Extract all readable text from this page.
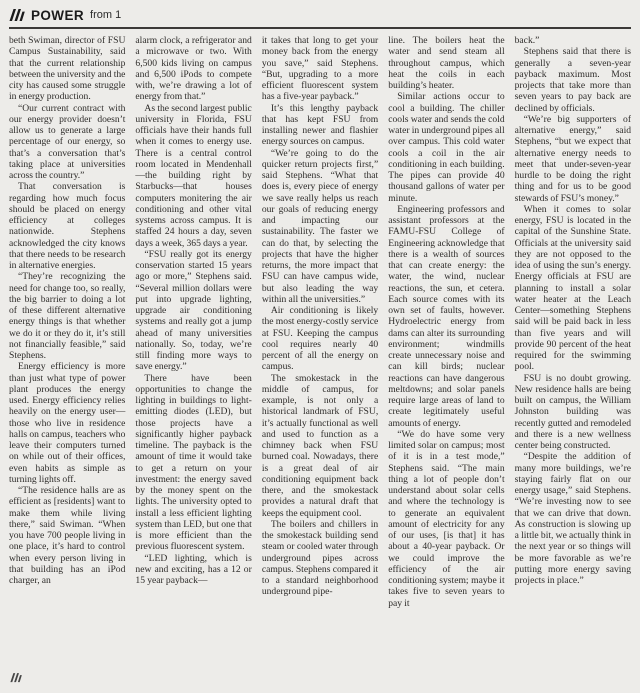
POWER from 1

beth Swiman, director of FSU Campus Sustainability, said that the current relationship between the university and the city has caused some struggle in energy production.

“Our current contract with our energy provider doesn’t allow us to generate a large percentage of our energy, so that’s a conversation that’s taking place at universities across the country.”

That conversation is regarding how much focus should be placed on energy efficiency at colleges nationwide. Stephens acknowledged the city knows that there needs to be research in alternative energies.

“They’re recognizing the need for change too, so really, the big barrier to doing a lot of these different alternative energy things is that whether we do it or they do it, it’s still not financially feasible,” said Stephens.

Energy efficiency is more than just what type of power plant produces the energy used. Energy efficiency relies heavily on the energy user—those who live in residence halls on campus, teachers who leave their computers turned on while out of their offices, even habits as simple as turning lights off.

“The residence halls are as efficient as [residents] want to make them while living there,” said Swiman. “When you have 700 people living in one place, it’s hard to control when every person living in that building has an iPod charger, an

alarm clock, a refrigerator and a microwave or two. With 6,500 kids living on campus and 6,500 iPods to compete with, we’re drawing a lot of energy from that.”

As the second largest public university in Florida, FSU officials have their hands full when it comes to energy use. There is a central control room located in Mendenhall—the building right by Starbucks—that houses computers monitering the air conditioning and other vital systems across campus. It is staffed 24 hours a day, seven days a week, 365 days a year.

“FSU really got its energy conservation started 15 years ago or more,” Stephens said. “Several million dollars were put into upgrade lighting, upgrade air conditioning systems and really got a jump ahead of many universities nationally. So, today, we’re still finding more ways to save energy.”

There have been opportunities to change the lighting in buildings to light-emitting diodes (LED), but those projects have a significantly higher payback timeline. The payback is the amount of time it would take to get a return on your investment: the energy saved by the money spent on the lights. The university opted to install a less efficient lighting system than LED, but one that is more efficient than the previous fluorescent system.

“LED lighting, which is new and exciting, has a 12 or 15 year payback—

it takes that long to get your money back from the energy you save,” said Stephens. “But, upgrading to a more efficient fluorescent system has a five-year payback.”

It’s this lengthy payback that has kept FSU from installing newer and flashier energy sources on campus.

“We’re going to do the quicker return projects first,” said Stephens. “What that does is, every piece of energy we save really helps us reach our goals of reducing energy and impacting our sustainability. The faster we can do that, by selecting the projects that have the higher returns, the more impact that FSU can have campus wide, but also leading the way within all the universities.”

Air conditioning is likely the most energy-costly service at FSU. Keeping the campus cool requires nearly 40 percent of all the energy on campus.

The smokestack in the middle of campus, for example, is not only a historical landmark of FSU, it’s actually functional as well and used to function as a chimney back when FSU burned coal. Nowadays, there is a great deal of air conditioning equipment back there, and the smokestack provides a natural draft that keeps the equipment cool.

The boilers and chillers in the smokestack building send steam or cooled water through underground pipes across campus. Stephens compared it to a standard neighborhood underground pipe-

line. The boilers heat the water and send steam all throughout campus, which heat the coils in each building’s heater.

Similar actions occur to cool a building. The chiller cools water and sends the cold water in underground pipes all over campus. This cold water cools a coil in the air conditioning in each building. The pipes can provide 40 thousand gallons of water per minute.

Engineering professors and assistant professors at the FAMU-FSU College of Engineering acknowledge that there is a wealth of sources that can create energy: the water, the wind, nuclear reactions, the sun, et cetera. Each source comes with its own set of faults, however. Hydroelectric energy from dams can alter its surrounding environment; windmills create unnecessary noise and can kill birds; nuclear reactions can have dangerous meltdowns; and solar panels require large areas of land to create legitimately useful amounts of energy.

“We do have some very limited solar on campus; most of it is in a test mode,” Stephens said. “The main thing a lot of people don’t understand about solar cells and where the technology is to generate an equivalent amount of electricity for any of our uses, [is that] it has about a 40-year payback. Or we could improve the efficiency of the air conditioning system; maybe it takes five to seven years to pay it

back.”

Stephens said that there is generally a seven-year payback maximum. Most projects that take more than seven years to pay back are declined by officials.

“We’re big supporters of alternative energy,” said Stephens, “but we expect that alternative energy needs to meet that under-seven-year hurdle to be doing the right thing and for us to be good stewards of FSU’s money.”

When it comes to solar energy, FSU is located in the capital of the Sunshine State. Officials at the university said they are not opposed to the idea of using the sun’s energy. Energy officials at FSU are planning to install a solar water heater at the Leach Center—something Stephens said will be paid back in less than five years and will provide 90 percent of the heat required for the swimming pool.

FSU is no doubt growing. New residence halls are being built on campus, the William Johnston building was recently gutted and remodeled and there is a new wellness center being constructed.

“Despite the addition of many more buildings, we’re staying fairly flat on our energy usage,” said Stephens. “We’re investing now to see that we can drive that down. As construction is slowing up a little bit, we actually think in the next year or so things will be more favorable as we’re putting more energy saving projects in place.”
